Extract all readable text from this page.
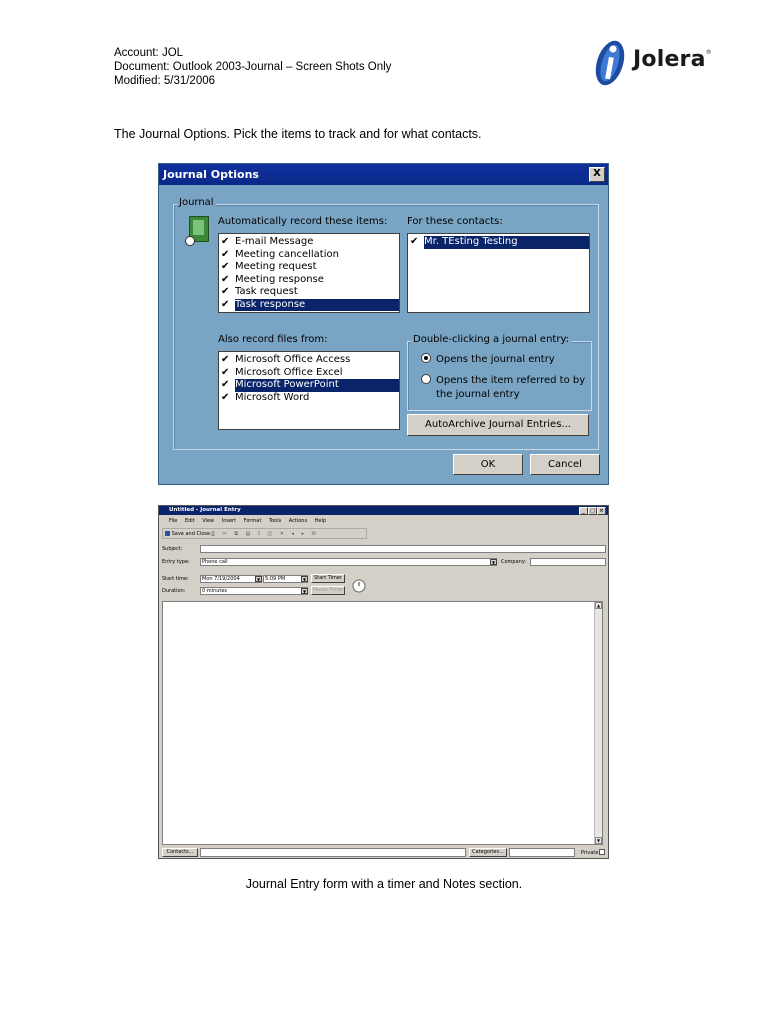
Account: JOL
Document: Outlook 2003-Journal – Screen Shots Only
Modified: 5/31/2006
Jolera®
The Journal Options. Pick the items to track and for what contacts.
Journal Options	X
Journal
Automatically record these items:
✔ E-mail Message
✔ Meeting cancellation
✔ Meeting request
✔ Meeting response
✔ Task request
✔ Task response
For these contacts:
✔ Mr. TEsting Testing
Also record files from:
✔ Microsoft Office Access
✔ Microsoft Office Excel
✔ Microsoft PowerPoint
✔ Microsoft Word
Double-clicking a journal entry:
Opens the journal entry
Opens the item referred to by
the journal entry
AutoArchive Journal Entries...
OK	Cancel
Untitled - Journal Entry	_	□ ×
File Edit View Insert Format Tools Actions Help
Save and Close ⎙ ✂ ⧉ ▤ 𝕀 ◫ ✕ ◂ ▸ ✉
Subject:
Entry type:	Phone call	▼	Company:
Start time:	Mon 7/19/2004	▼ 5:09 PM	▼	Start Timer
Duration:	0 minutes	▼	Pause Timer
▲
▼
Contacts...	Categories...	Private
Journal Entry form with a timer and Notes section.
